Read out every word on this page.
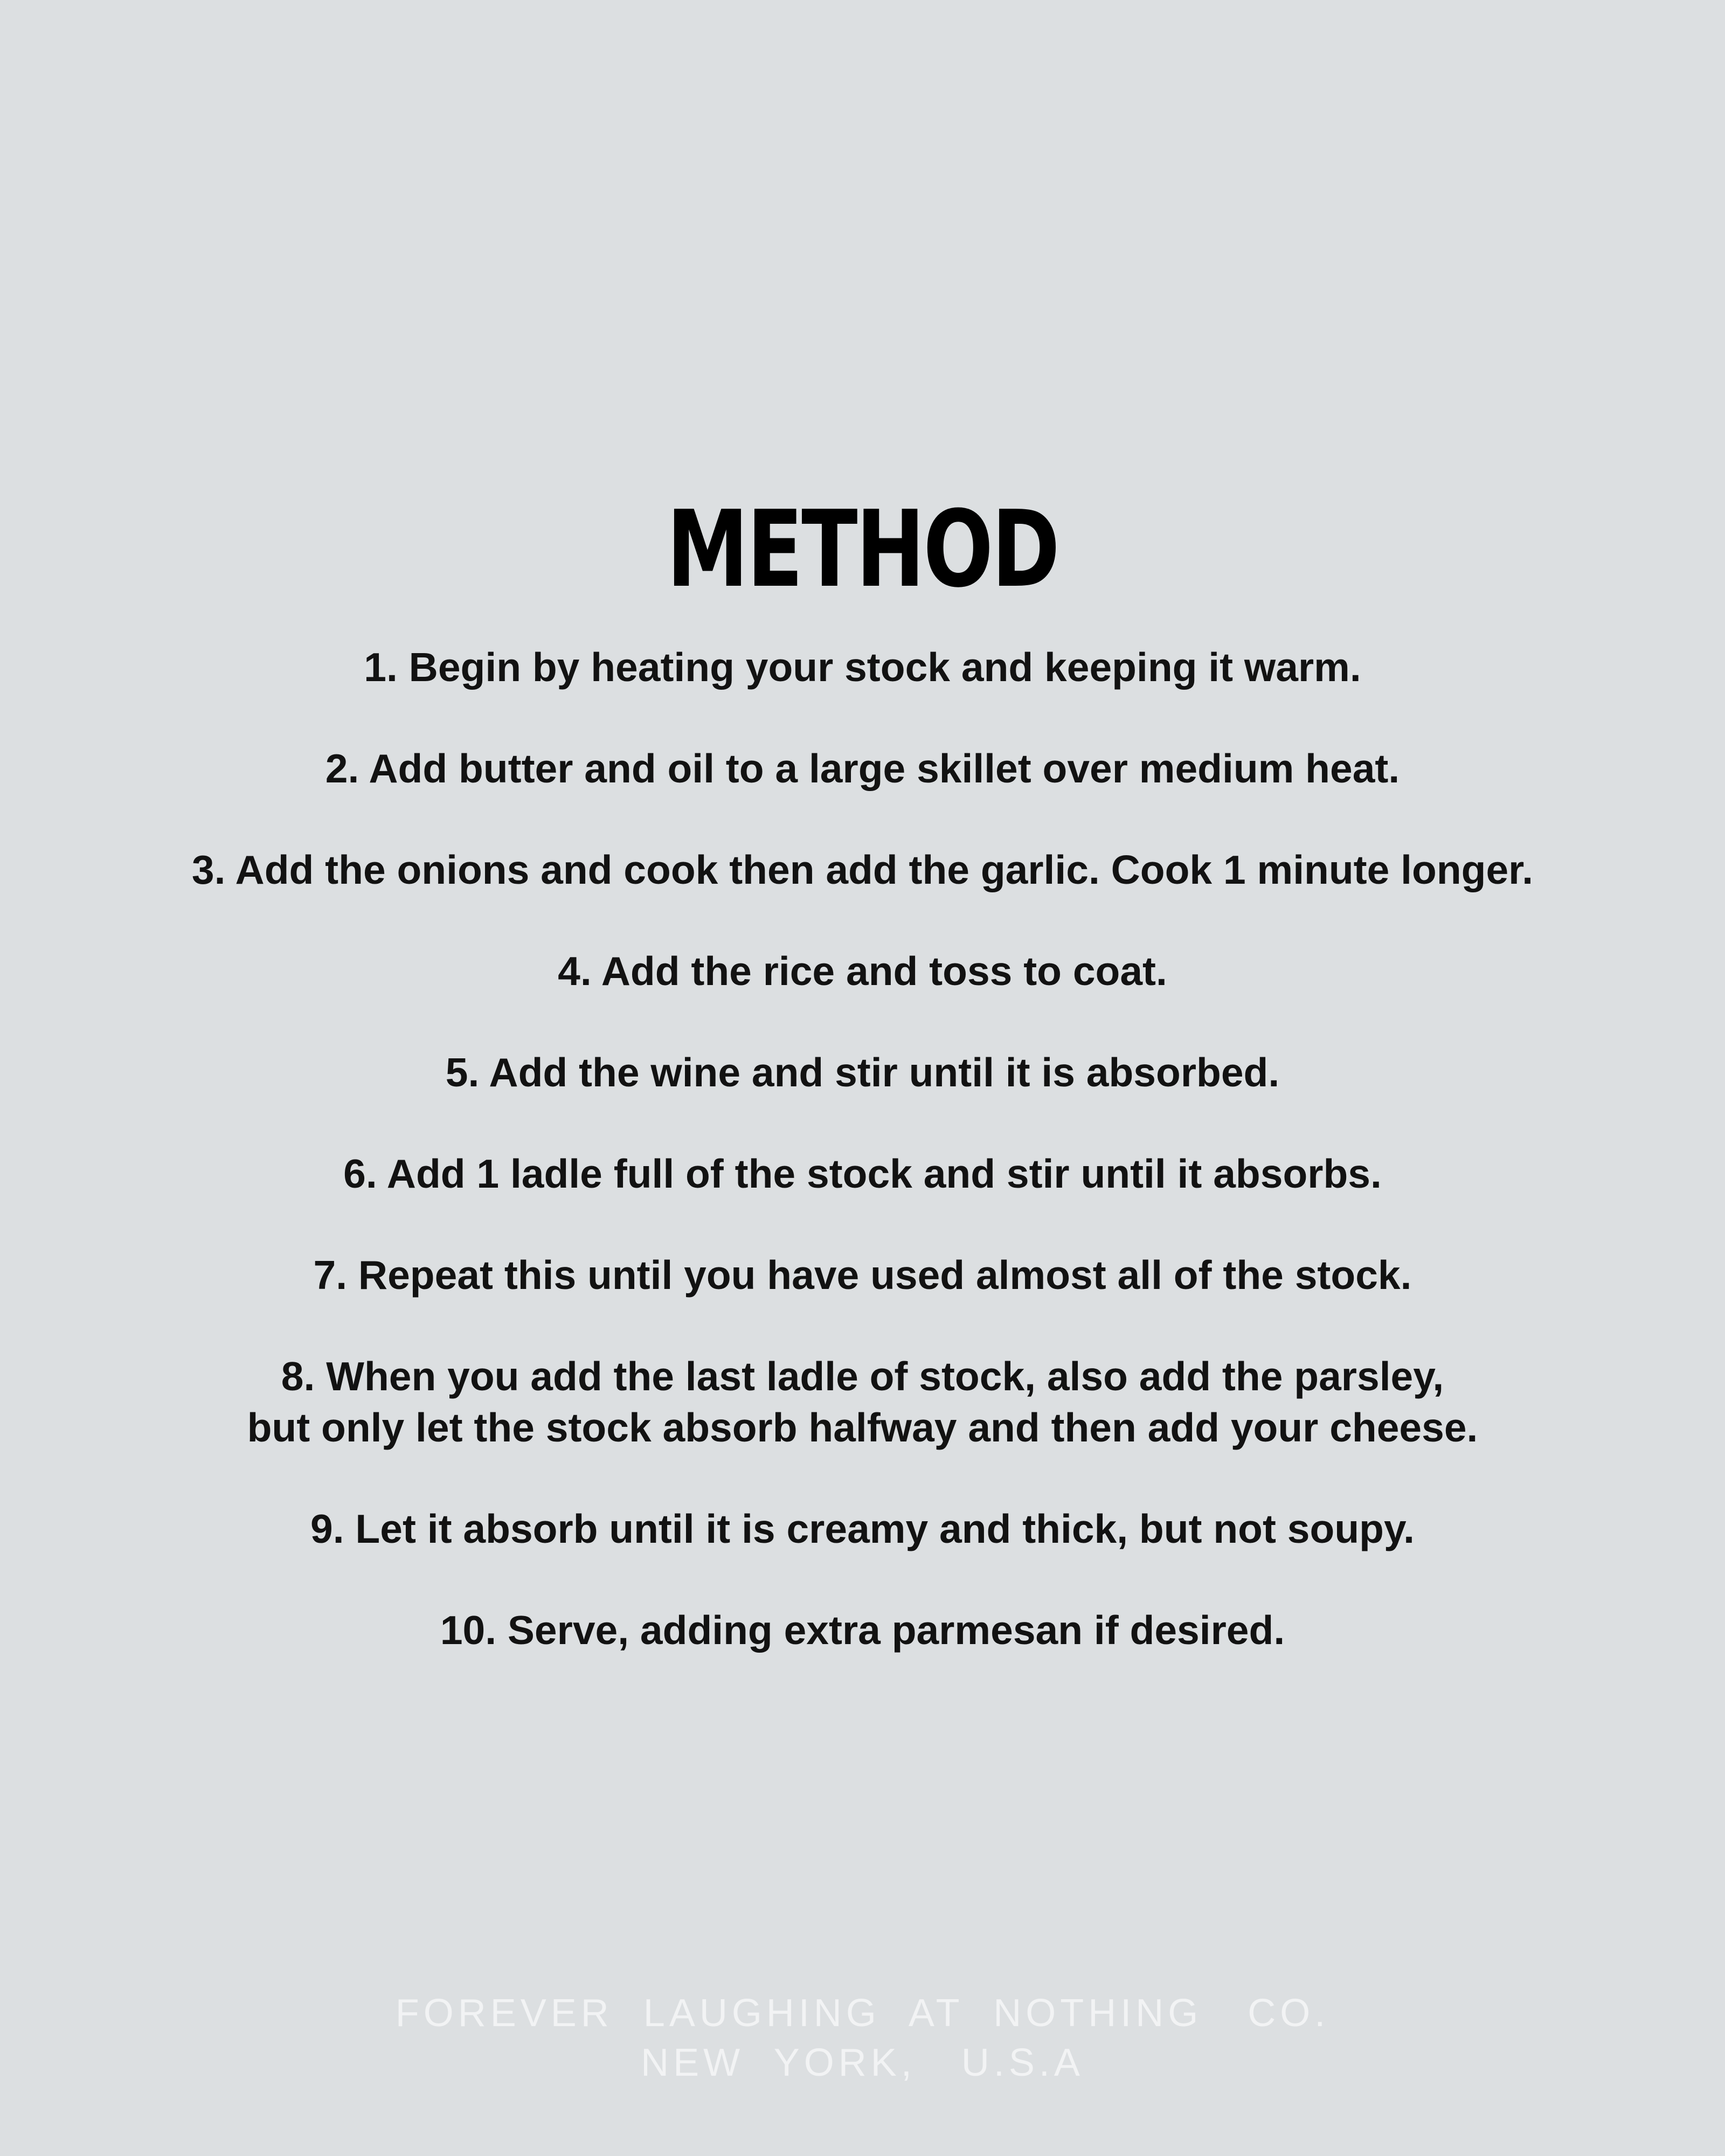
METHOD
1. Begin by heating your stock and keeping it warm.
2. Add butter and oil to a large skillet over medium heat.
3. Add the onions and cook then add the garlic. Cook 1 minute longer.
4. Add the rice and toss to coat.
5. Add the wine and stir until it is absorbed.
6. Add 1 ladle full of the stock and stir until it absorbs.
7. Repeat this until you have used almost all of the stock.
8. When you add the last ladle of stock, also add the parsley,
but only let the stock absorb halfway and then add your cheese.
9. Let it absorb until it is creamy and thick, but not soupy.
10. Serve, adding extra parmesan if desired.
FOREVER  LAUGHING  AT  NOTHING   CO.
NEW  YORK,   U.S.A
